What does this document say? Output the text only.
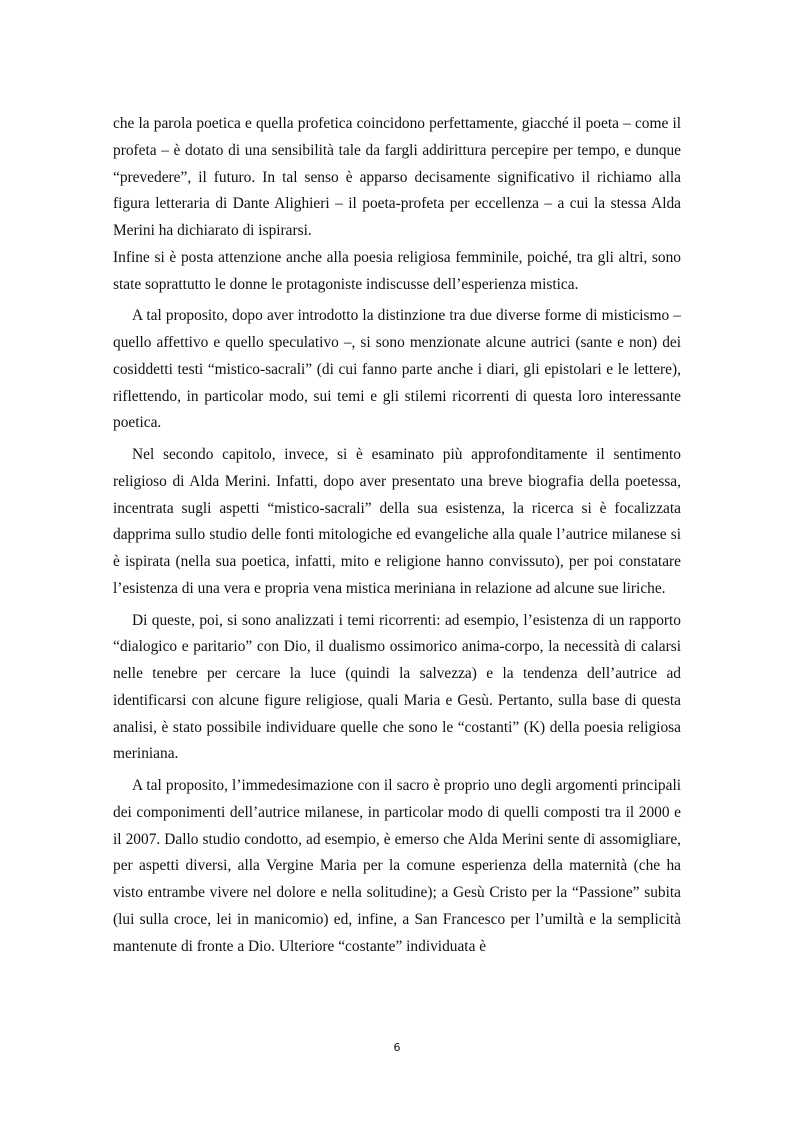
che la parola poetica e quella profetica coincidono perfettamente, giacché il poeta – come il profeta – è dotato di una sensibilità tale da fargli addirittura percepire per tempo, e dunque “prevedere”, il futuro. In tal senso è apparso decisamente significativo il richiamo alla figura letteraria di Dante Alighieri – il poeta-profeta per eccellenza – a cui la stessa Alda Merini ha dichiarato di ispirarsi.

Infine si è posta attenzione anche alla poesia religiosa femminile, poiché, tra gli altri, sono state soprattutto le donne le protagoniste indiscusse dell’esperienza mistica.

A tal proposito, dopo aver introdotto la distinzione tra due diverse forme di misticismo – quello affettivo e quello speculativo –, si sono menzionate alcune autrici (sante e non) dei cosiddetti testi “mistico-sacrali” (di cui fanno parte anche i diari, gli epistolari e le lettere), riflettendo, in particolar modo, sui temi e gli stilemi ricorrenti di questa loro interessante poetica.

Nel secondo capitolo, invece, si è esaminato più approfonditamente il sentimento religioso di Alda Merini. Infatti, dopo aver presentato una breve biografia della poetessa, incentrata sugli aspetti “mistico-sacrali” della sua esistenza, la ricerca si è focalizzata dapprima sullo studio delle fonti mitologiche ed evangeliche alla quale l’autrice milanese si è ispirata (nella sua poetica, infatti, mito e religione hanno convissuto), per poi constatare l’esistenza di una vera e propria vena mistica meriniana in relazione ad alcune sue liriche.

Di queste, poi, si sono analizzati i temi ricorrenti: ad esempio, l’esistenza di un rapporto “dialogico e paritario” con Dio, il dualismo ossimorico anima-corpo, la necessità di calarsi nelle tenebre per cercare la luce (quindi la salvezza) e la tendenza dell’autrice ad identificarsi con alcune figure religiose, quali Maria e Gesù. Pertanto, sulla base di questa analisi, è stato possibile individuare quelle che sono le “costanti” (K) della poesia religiosa meriniana.

A tal proposito, l’immedesimazione con il sacro è proprio uno degli argomenti principali dei componimenti dell’autrice milanese, in particolar modo di quelli composti tra il 2000 e il 2007. Dallo studio condotto, ad esempio, è emerso che Alda Merini sente di assomigliare, per aspetti diversi, alla Vergine Maria per la comune esperienza della maternità (che ha visto entrambe vivere nel dolore e nella solitudine); a Gesù Cristo per la “Passione” subita (lui sulla croce, lei in manicomio) ed, infine, a San Francesco per l’umiltà e la semplicità mantenute di fronte a Dio. Ulteriore “costante” individuata è

6
